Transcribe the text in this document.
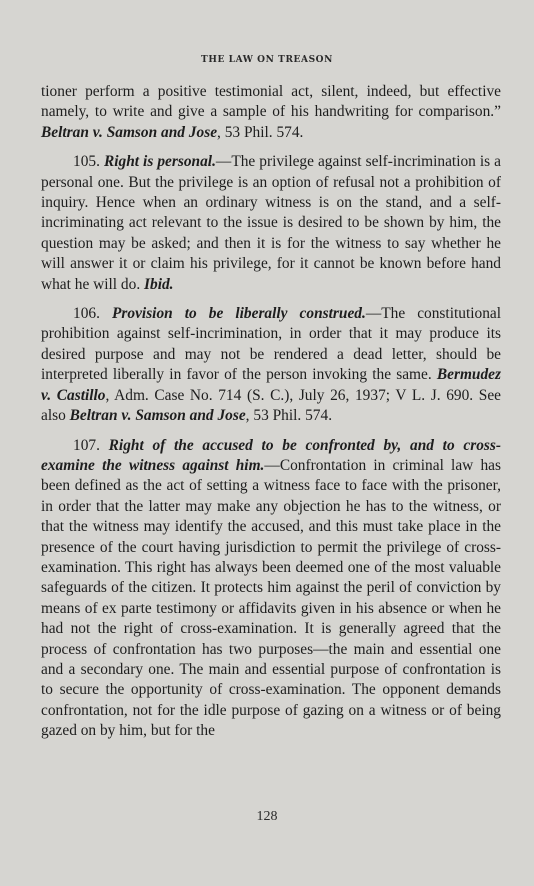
THE LAW ON TREASON

tioner perform a positive testimonial act, silent, indeed, but effective namely, to write and give a sample of his handwriting for comparison.” Beltran v. Samson and Jose, 53 Phil. 574.

105. Right is personal.—The privilege against self-incrimination is a personal one. But the privilege is an option of refusal not a prohibition of inquiry. Hence when an ordinary witness is on the stand, and a self-incriminating act relevant to the issue is desired to be shown by him, the question may be asked; and then it is for the witness to say whether he will answer it or claim his privilege, for it cannot be known before hand what he will do. Ibid.

106. Provision to be liberally construed.—The constitutional prohibition against self-incrimination, in order that it may produce its desired purpose and may not be rendered a dead letter, should be interpreted liberally in favor of the person invoking the same. Bermudez v. Castillo, Adm. Case No. 714 (S. C.), July 26, 1937; V L. J. 690. See also Beltran v. Samson and Jose, 53 Phil. 574.

107. Right of the accused to be confronted by, and to cross-examine the witness against him.—Confrontation in criminal law has been defined as the act of setting a witness face to face with the prisoner, in order that the latter may make any objection he has to the witness, or that the witness may identify the accused, and this must take place in the presence of the court having jurisdiction to permit the privilege of cross-examination. This right has always been deemed one of the most valuable safeguards of the citizen. It protects him against the peril of conviction by means of ex parte testimony or affidavits given in his absence or when he had not the right of cross-examination. It is generally agreed that the process of confrontation has two purposes—the main and essential one and a secondary one. The main and essential purpose of confrontation is to secure the opportunity of cross-examination. The opponent demands confrontation, not for the idle purpose of gazing on a witness or of being gazed on by him, but for the

128
